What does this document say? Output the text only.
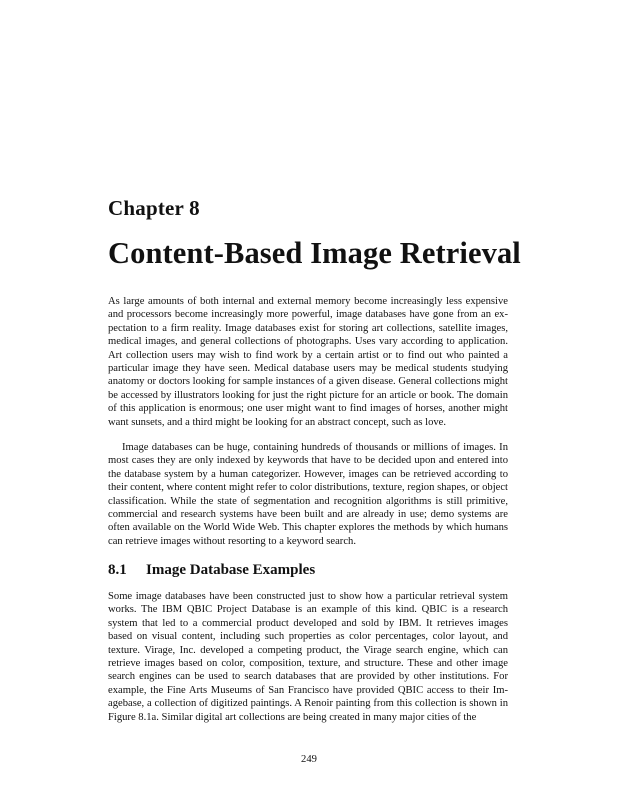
Chapter 8
Content-Based Image Retrieval

As large amounts of both internal and external memory become increasingly less expensive and processors become increasingly more powerful, image databases have gone from an expectation to a firm reality. Image databases exist for storing art collections, satellite images, medical images, and general collections of photographs. Uses vary according to application. Art collection users may wish to find work by a certain artist or to find out who painted a particular image they have seen. Medical database users may be medical students studying anatomy or doctors looking for sample instances of a given disease. General collections might be accessed by illustrators looking for just the right picture for an article or book. The domain of this application is enormous; one user might want to find images of horses, another might want sunsets, and a third might be looking for an abstract concept, such as love.

Image databases can be huge, containing hundreds of thousands or millions of images. In most cases they are only indexed by keywords that have to be decided upon and entered into the database system by a human categorizer. However, images can be retrieved according to their content, where content might refer to color distributions, texture, region shapes, or object classification. While the state of segmentation and recognition algorithms is still primitive, commercial and research systems have been built and are already in use; demo systems are often available on the World Wide Web. This chapter explores the methods by which humans can retrieve images without resorting to a keyword search.

8.1 Image Database Examples

Some image databases have been constructed just to show how a particular retrieval system works. The IBM QBIC Project Database is an example of this kind. QBIC is a research system that led to a commercial product developed and sold by IBM. It retrieves images based on visual content, including such properties as color percentages, color layout, and texture. Virage, Inc. developed a competing product, the Virage search engine, which can retrieve images based on color, composition, texture, and structure. These and other image search engines can be used to search databases that are provided by other institutions. For example, the Fine Arts Museums of San Francisco have provided QBIC access to their Imagebase, a collection of digitized paintings. A Renoir painting from this collection is shown in Figure 8.1a. Similar digital art collections are being created in many major cities of the

249
